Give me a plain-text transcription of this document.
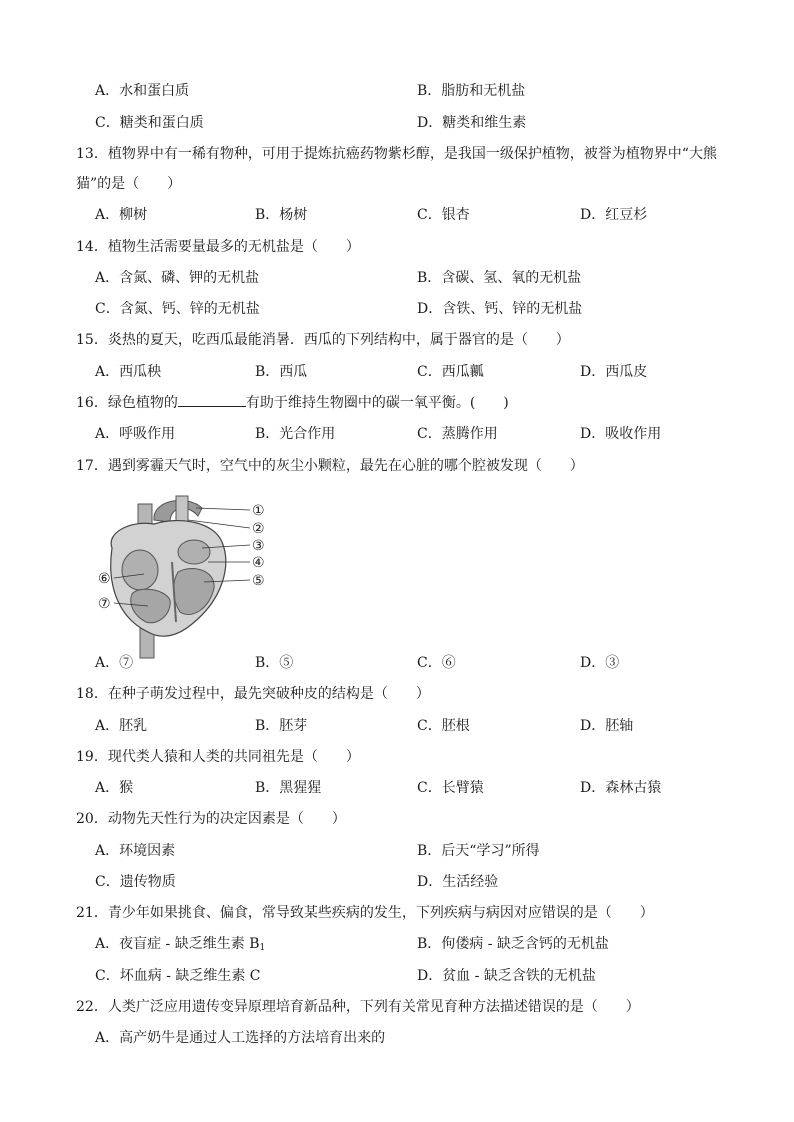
A．水和蛋白质	B．脂肪和无机盐
C．糖类和蛋白质	D．糖类和维生素
13．植物界中有一稀有物种，可用于提炼抗癌药物紫杉醇，是我国一级保护植物，被誉为植物界中“大熊
猫”的是（　　）
A．柳树	B．杨树	C．银杏	D．红豆杉
14．植物生活需要量最多的无机盐是（　　）
A．含氮、磷、钾的无机盐	B．含碳、氢、氧的无机盐
C．含氮、钙、锌的无机盐	D．含铁、钙、锌的无机盐
15．炎热的夏天，吃西瓜最能消暑．西瓜的下列结构中，属于器官的是（　　）
A．西瓜秧	B．西瓜	C．西瓜瓤	D．西瓜皮
16．绿色植物的	有助于维持生物圈中的碳一氧平衡。(　　)
A．呼吸作用	B．光合作用	C．蒸腾作用	D．吸收作用
17．遇到雾霾天气时，空气中的灰尘小颗粒，最先在心脏的哪个腔被发现（　　）
①
②
③
④
⑤
⑥
⑦
A．⑦	B．⑤	C．⑥	D．③
18．在种子萌发过程中，最先突破种皮的结构是（　　）
A．胚乳	B．胚芽	C．胚根	D．胚轴
19．现代类人猿和人类的共同祖先是（　　）
A．猴	B．黑猩猩	C．长臂猿	D．森林古猿
20．动物先天性行为的决定因素是（　　）
A．环境因素	B．后天“学习”所得
C．遗传物质	D．生活经验
21．青少年如果挑食、偏食，常导致某些疾病的发生，下列疾病与病因对应错误的是（　　）
A．夜盲症 - 缺乏维生素 $B_1$	B．佝偻病 - 缺乏含钙的无机盐
C．坏血病 - 缺乏维生素 C	D．贫血 - 缺乏含铁的无机盐
22．人类广泛应用遗传变异原理培育新品种，下列有关常见育种方法描述错误的是（　　）
A．高产奶牛是通过人工选择的方法培育出来的
